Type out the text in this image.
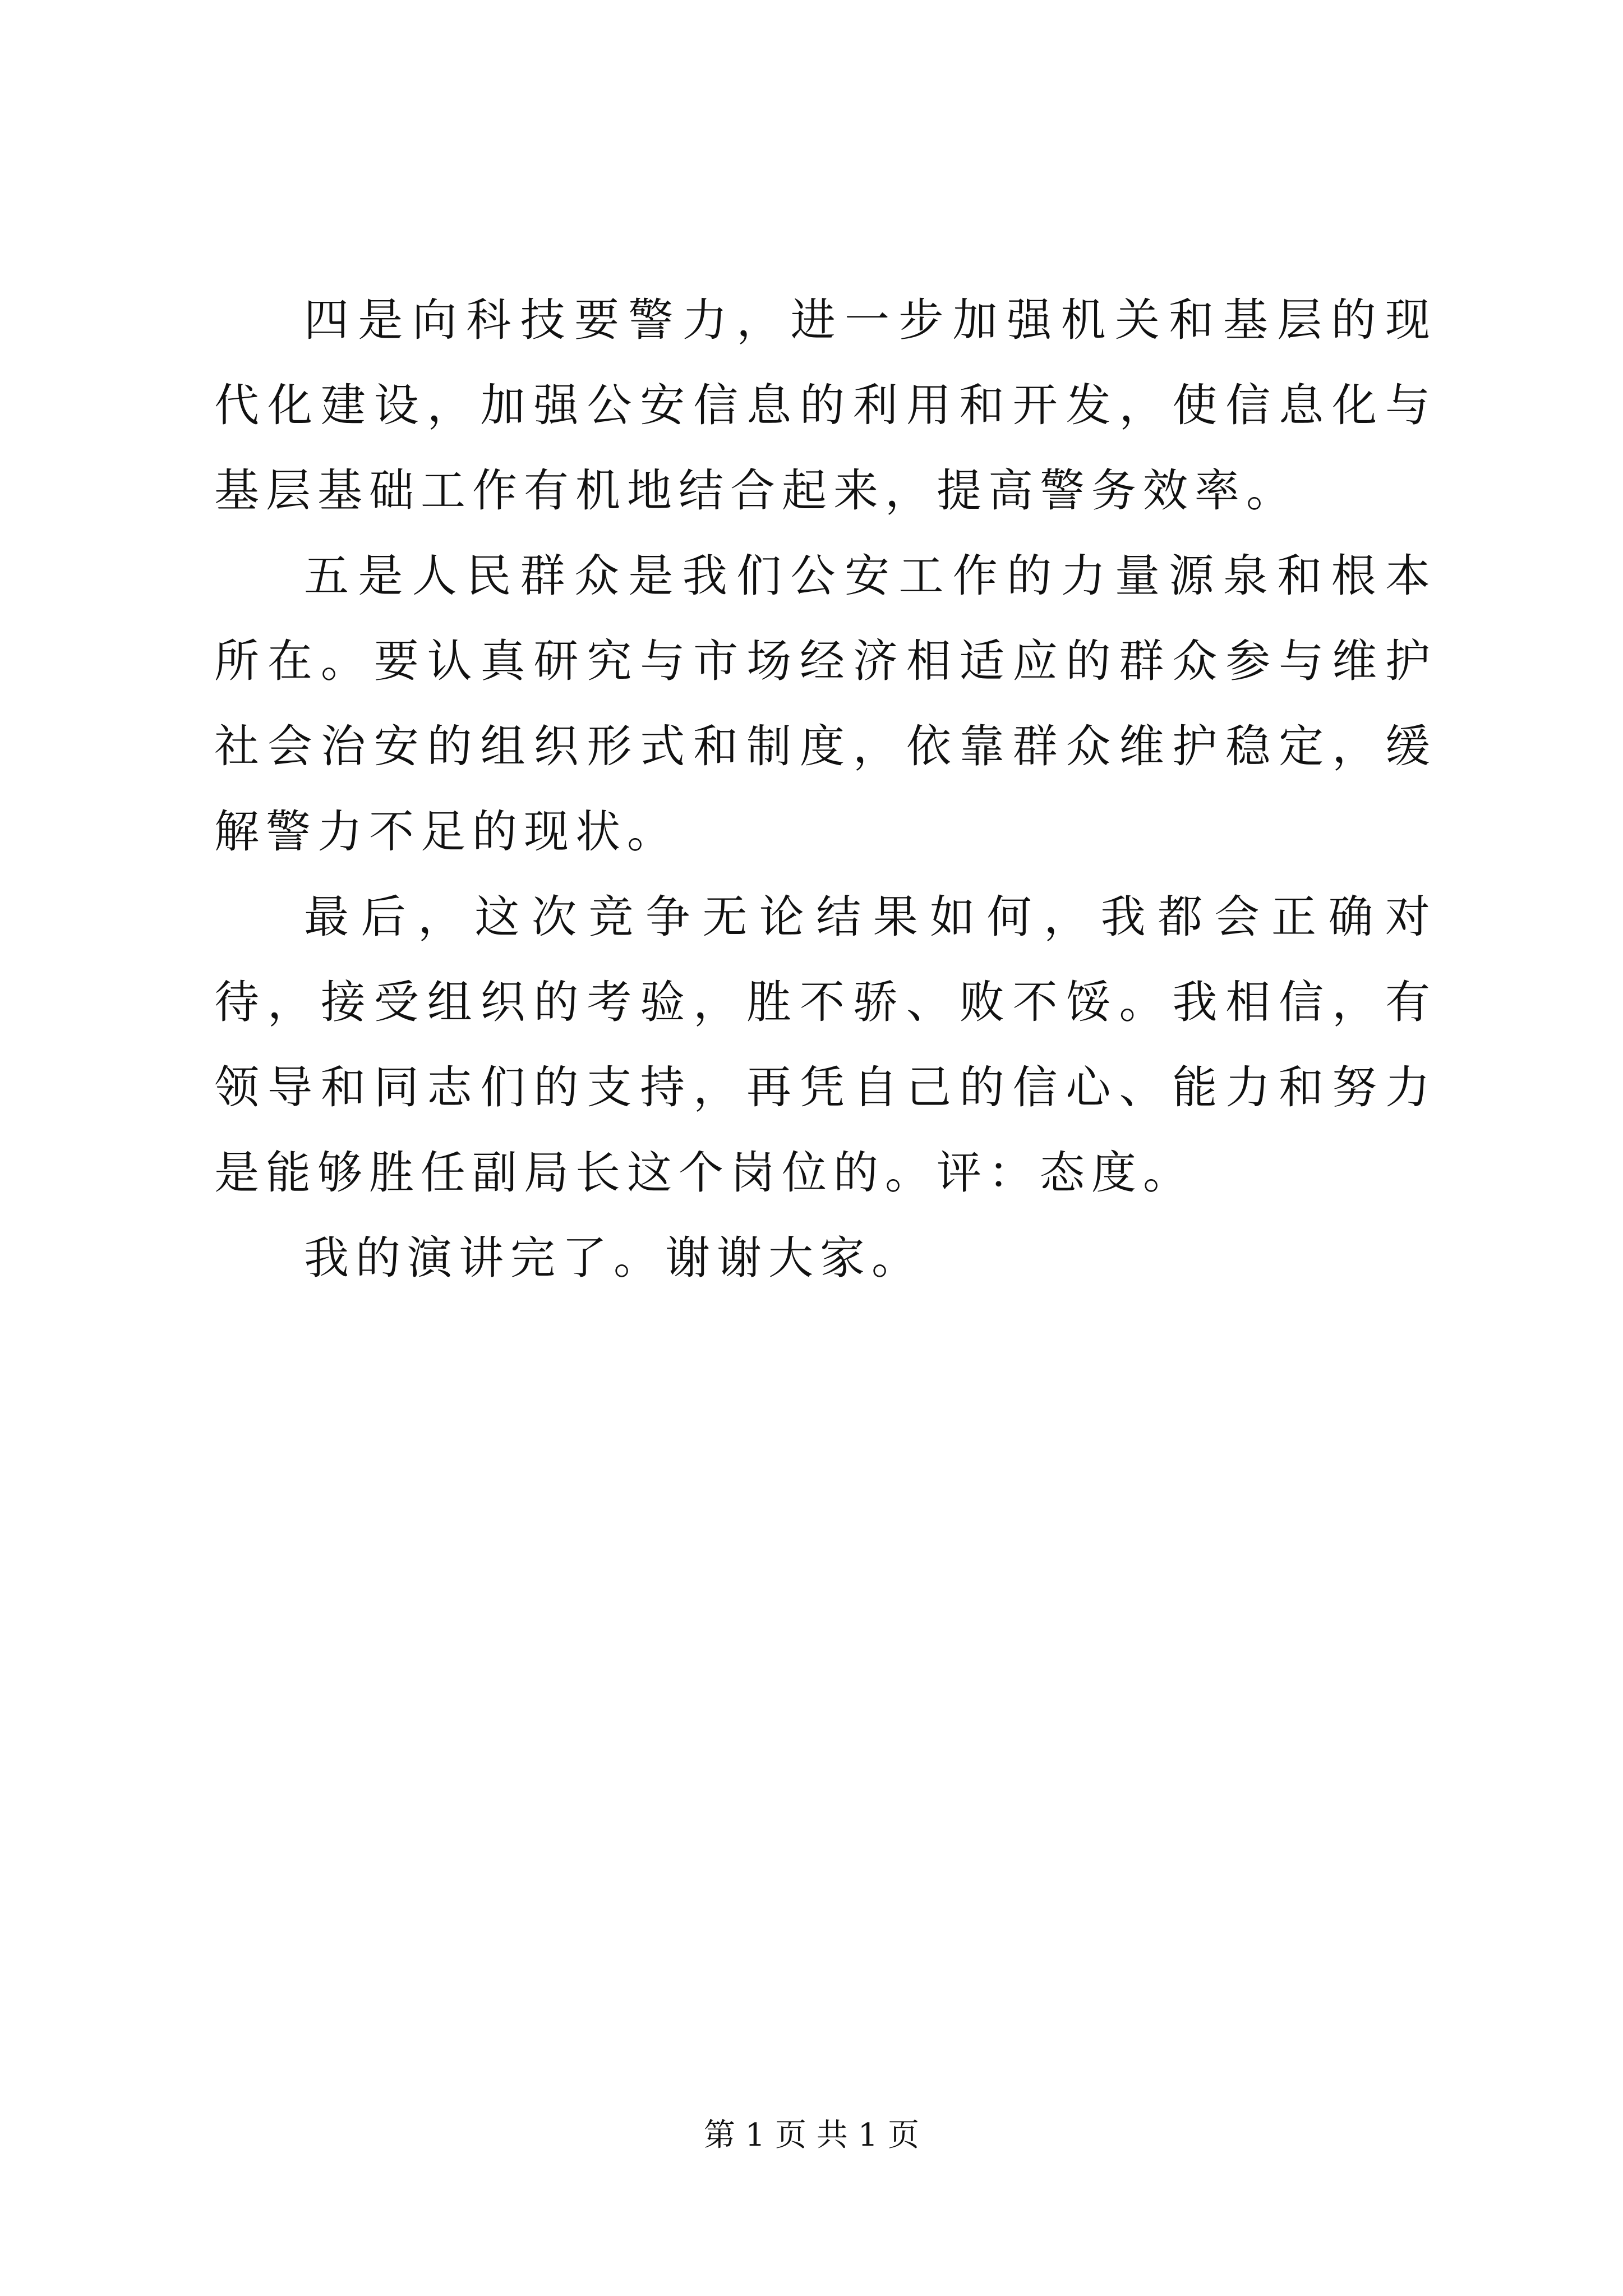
四是向科技要警力，进一步加强机关和基层的现代化建设，加强公安信息的利用和开发，使信息化与基层基础工作有机地结合起来，提高警务效率。

五是人民群众是我们公安工作的力量源泉和根本所在。要认真研究与市场经济相适应的群众参与维护社会治安的组织形式和制度，依靠群众维护稳定，缓解警力不足的现状。

最后，这次竞争无论结果如何，我都会正确对待，接受组织的考验，胜不骄、败不馁。我相信，有领导和同志们的支持，再凭自己的信心、能力和努力是能够胜任副局长这个岗位的。评：态度。

我的演讲完了。谢谢大家。

第 1 页 共 1 页
